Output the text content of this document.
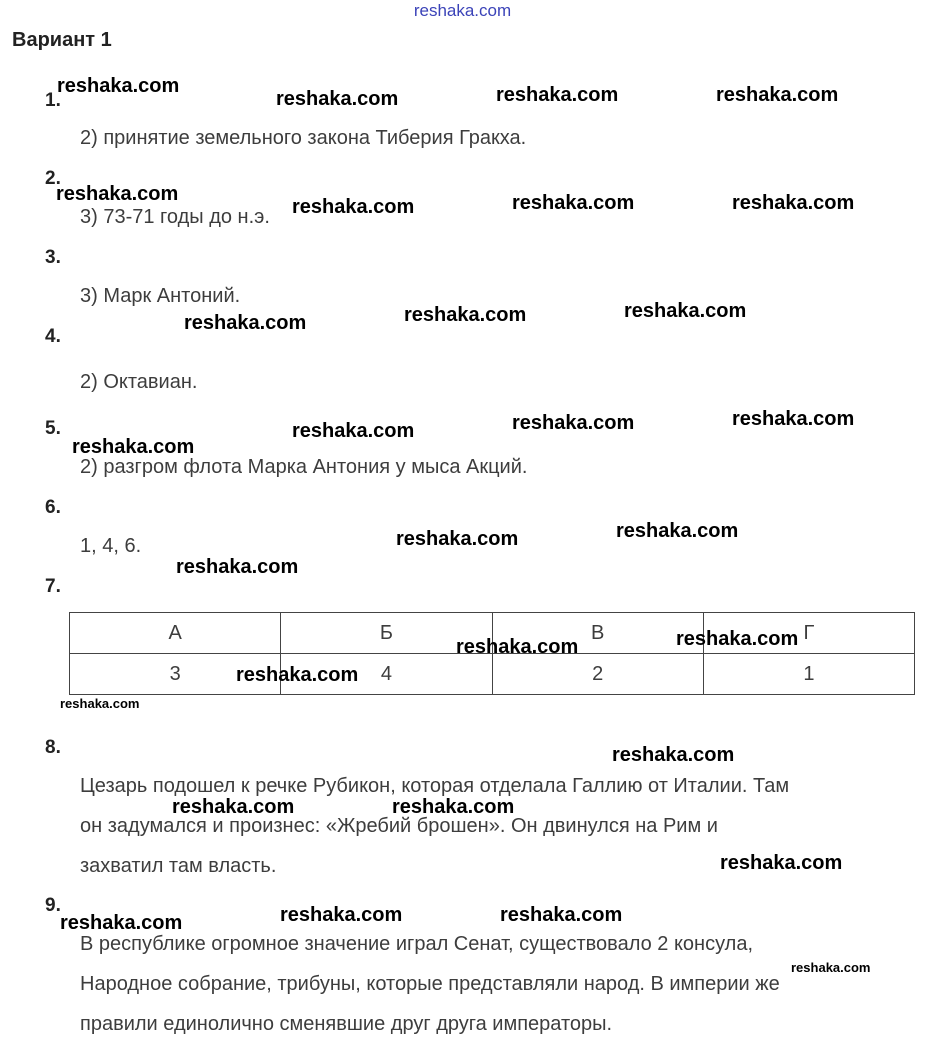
reshaka.com
Вариант 1
1.
2.
3.
4.
5.
6.
7.
8.
9.
2) принятие земельного закона Тиберия Гракха.
3) 73-71 годы до н.э.
3) Марк Антоний.
2) Октавиан.
2) разгром флота Марка Антония у мыса Акций.
1, 4, 6.
А	Б	В	Г
3	4	2	1
Цезарь подошел к речке Рубикон, которая отделала Галлию от Италии. Там
он задумался и произнес: «Жребий брошен». Он двинулся на Рим и
захватил там власть.
В республике огромное значение играл Сенат, существовало 2 консула,
Народное собрание, трибуны, которые представляли народ. В империи же
правили единолично сменявшие друг друга императоры.
reshaka.com
reshaka.com	reshaka.com	reshaka.com
reshaka.com
reshaka.com	reshaka.com	reshaka.com
reshaka.com	reshaka.com	reshaka.com
reshaka.com	reshaka.com	reshaka.com
reshaka.com
reshaka.com	reshaka.com
reshaka.com
reshaka.com	reshaka.com
reshaka.com
reshaka.com
reshaka.com
reshaka.com	reshaka.com
reshaka.com
reshaka.com	reshaka.com
reshaka.com
reshaka.com
